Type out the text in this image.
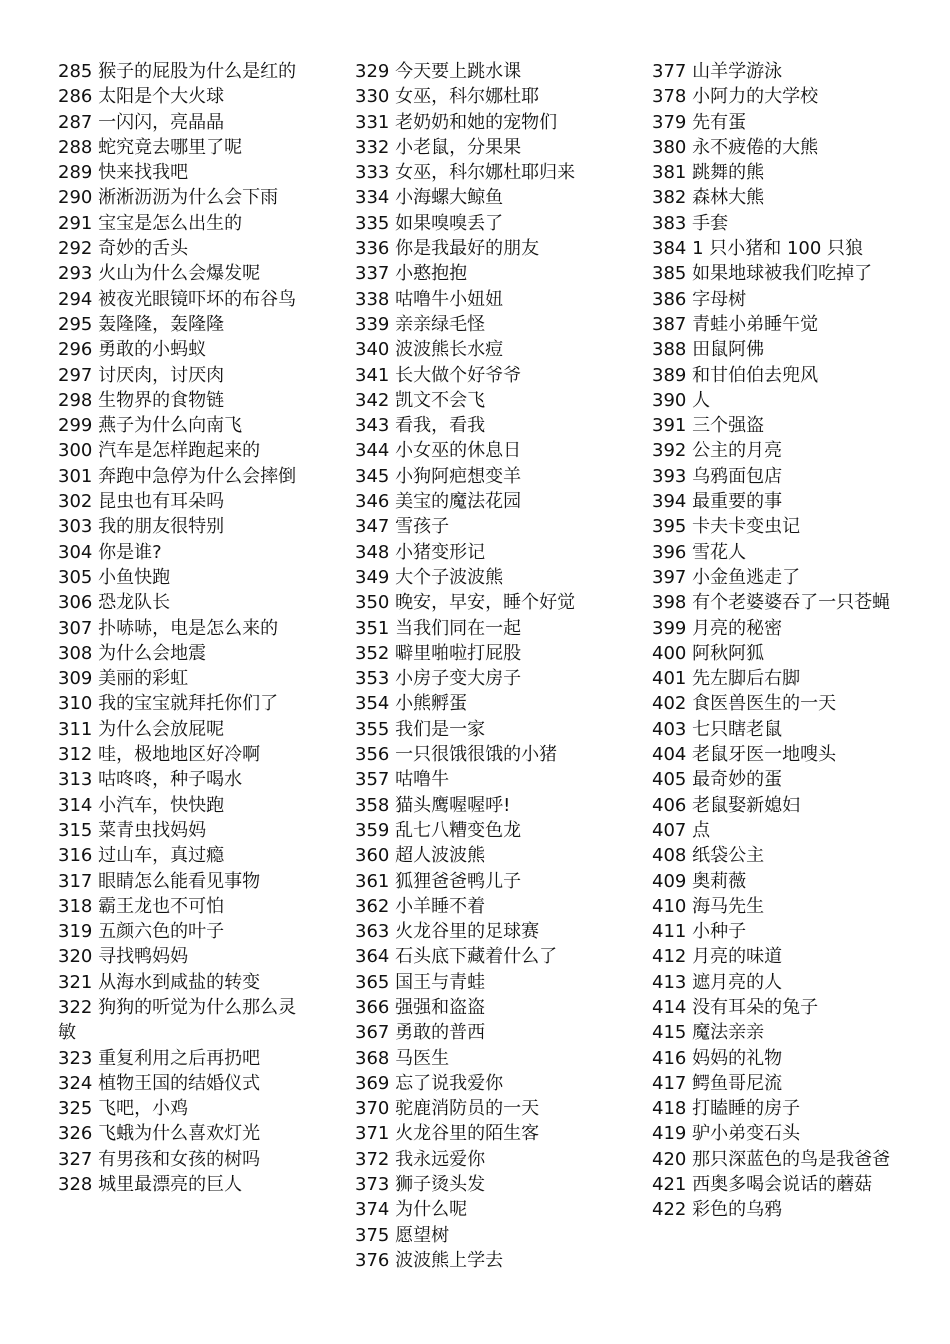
285 猴子的屁股为什么是红的
286 太阳是个大火球
287 一闪闪，亮晶晶
288 蛇究竟去哪里了呢
289 快来找我吧
290 淅淅沥沥为什么会下雨
291 宝宝是怎么出生的
292 奇妙的舌头
293 火山为什么会爆发呢
294 被夜光眼镜吓坏的布谷鸟
295 轰隆隆，轰隆隆
296 勇敢的小蚂蚁
297 讨厌肉，讨厌肉
298 生物界的食物链
299 燕子为什么向南飞
300 汽车是怎样跑起来的
301 奔跑中急停为什么会摔倒
302 昆虫也有耳朵吗
303 我的朋友很特别
304 你是谁?
305 小鱼快跑
306 恐龙队长
307 扑哧哧，电是怎么来的
308 为什么会地震
309 美丽的彩虹
310 我的宝宝就拜托你们了
311 为什么会放屁呢
312 哇，极地地区好冷啊
313 咕咚咚，种子喝水
314 小汽车，快快跑
315 菜青虫找妈妈
316 过山车，真过瘾
317 眼睛怎么能看见事物
318 霸王龙也不可怕
319 五颜六色的叶子
320 寻找鸭妈妈
321 从海水到咸盐的转变
322 狗狗的听觉为什么那么灵敏
323 重复利用之后再扔吧
324 植物王国的结婚仪式
325 飞吧，小鸡
326 飞蛾为什么喜欢灯光
327 有男孩和女孩的树吗
328 城里最漂亮的巨人
329 今天要上跳水课
330 女巫，科尔娜杜耶
331 老奶奶和她的宠物们
332 小老鼠，分果果
333 女巫，科尔娜杜耶归来
334 小海螺大鲸鱼
335 如果嗅嗅丢了
336 你是我最好的朋友
337 小憨抱抱
338 咕噜牛小妞妞
339 亲亲绿毛怪
340 波波熊长水痘
341 长大做个好爷爷
342 凯文不会飞
343 看我，看我
344 小女巫的休息日
345 小狗阿疤想变羊
346 美宝的魔法花园
347 雪孩子
348 小猪变形记
349 大个子波波熊
350 晚安，早安，睡个好觉
351 当我们同在一起
352 噼里啪啦打屁股
353 小房子变大房子
354 小熊孵蛋
355 我们是一家
356 一只很饿很饿的小猪
357 咕噜牛
358 猫头鹰喔喔呼!
359 乱七八糟变色龙
360 超人波波熊
361 狐狸爸爸鸭儿子
362 小羊睡不着
363 火龙谷里的足球赛
364 石头底下藏着什么了
365 国王与青蛙
366 强强和盗盗
367 勇敢的普西
368 马医生
369 忘了说我爱你
370 驼鹿消防员的一天
371 火龙谷里的陌生客
372 我永远爱你
373 狮子烫头发
374 为什么呢
375 愿望树
376 波波熊上学去
377 山羊学游泳
378 小阿力的大学校
379 先有蛋
380 永不疲倦的大熊
381 跳舞的熊
382 森林大熊
383 手套
384 1 只小猪和 100 只狼
385 如果地球被我们吃掉了
386 字母树
387 青蛙小弟睡午觉
388 田鼠阿佛
389 和甘伯伯去兜风
390 人
391 三个强盗
392 公主的月亮
393 乌鸦面包店
394 最重要的事
395 卡夫卡变虫记
396 雪花人
397 小金鱼逃走了
398 有个老婆婆吞了一只苍蝇
399 月亮的秘密
400 阿秋阿狐
401 先左脚后右脚
402 食医兽医生的一天
403 七只瞎老鼠
404 老鼠牙医一地嗖头
405 最奇妙的蛋
406 老鼠娶新媳妇
407 点
408 纸袋公主
409 奥莉薇
410 海马先生
411 小种子
412 月亮的味道
413 遮月亮的人
414 没有耳朵的兔子
415 魔法亲亲
416 妈妈的礼物
417 鳄鱼哥尼流
418 打瞌睡的房子
419 驴小弟变石头
420 那只深蓝色的鸟是我爸爸
421 西奥多喝会说话的蘑菇
422 彩色的乌鸦
